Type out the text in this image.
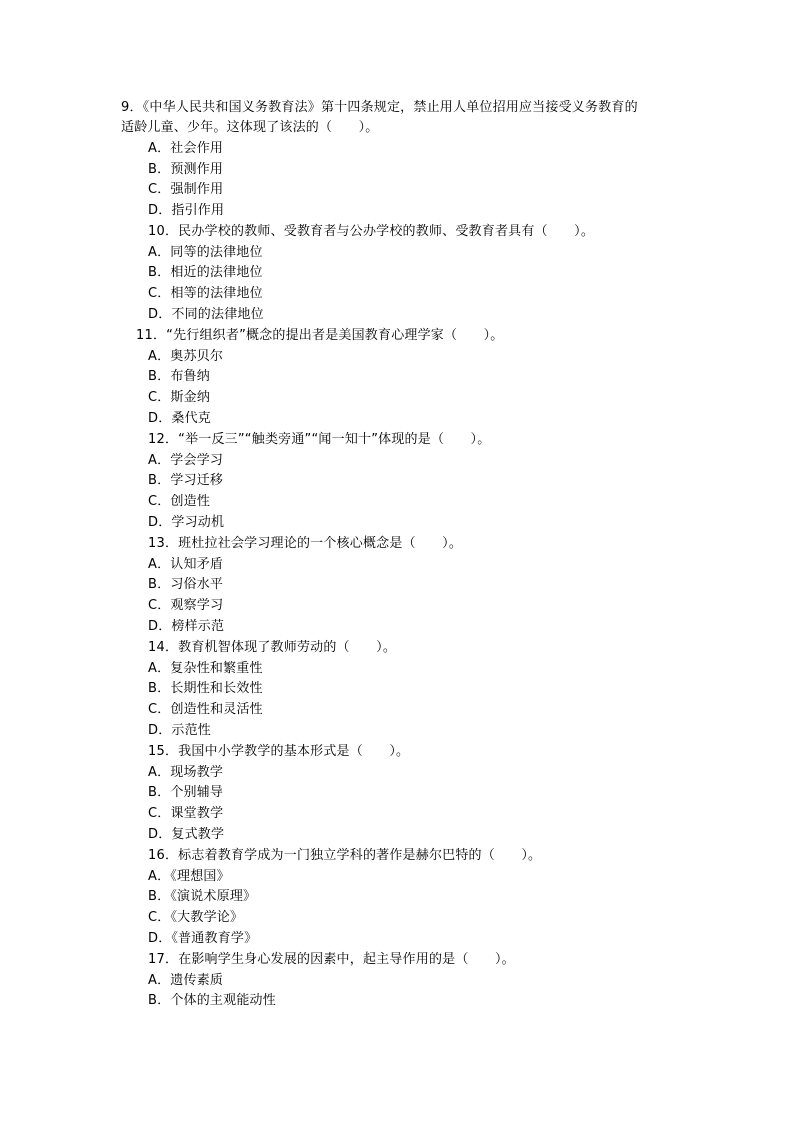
9．《中华人民共和国义务教育法》第十四条规定，禁止用人单位招用应当接受义务教育的
适龄儿童、少年。这体现了该法的（　　）。
A．社会作用
B．预测作用
C．强制作用
D．指引作用
10．民办学校的教师、受教育者与公办学校的教师、受教育者具有（　　）。
A．同等的法律地位
B．相近的法律地位
C．相等的法律地位
D．不同的法律地位
11．“先行组织者”概念的提出者是美国教育心理学家（　　）。
A．奥苏贝尔
B．布鲁纳
C．斯金纳
D．桑代克
12．“举一反三”“触类旁通”“闻一知十”体现的是（　　）。
A．学会学习
B．学习迁移
C．创造性
D．学习动机
13．班杜拉社会学习理论的一个核心概念是（　　）。
A．认知矛盾
B．习俗水平
C．观察学习
D．榜样示范
14．教育机智体现了教师劳动的（　　）。
A．复杂性和繁重性
B．长期性和长效性
C．创造性和灵活性
D．示范性
15．我国中小学教学的基本形式是（　　）。
A．现场教学
B．个别辅导
C．课堂教学
D．复式教学
16．标志着教育学成为一门独立学科的著作是赫尔巴特的（　　）。
A．《理想国》
B．《演说术原理》
C．《大教学论》
D．《普通教育学》
17．在影响学生身心发展的因素中，起主导作用的是（　　）。
A．遗传素质
B．个体的主观能动性
